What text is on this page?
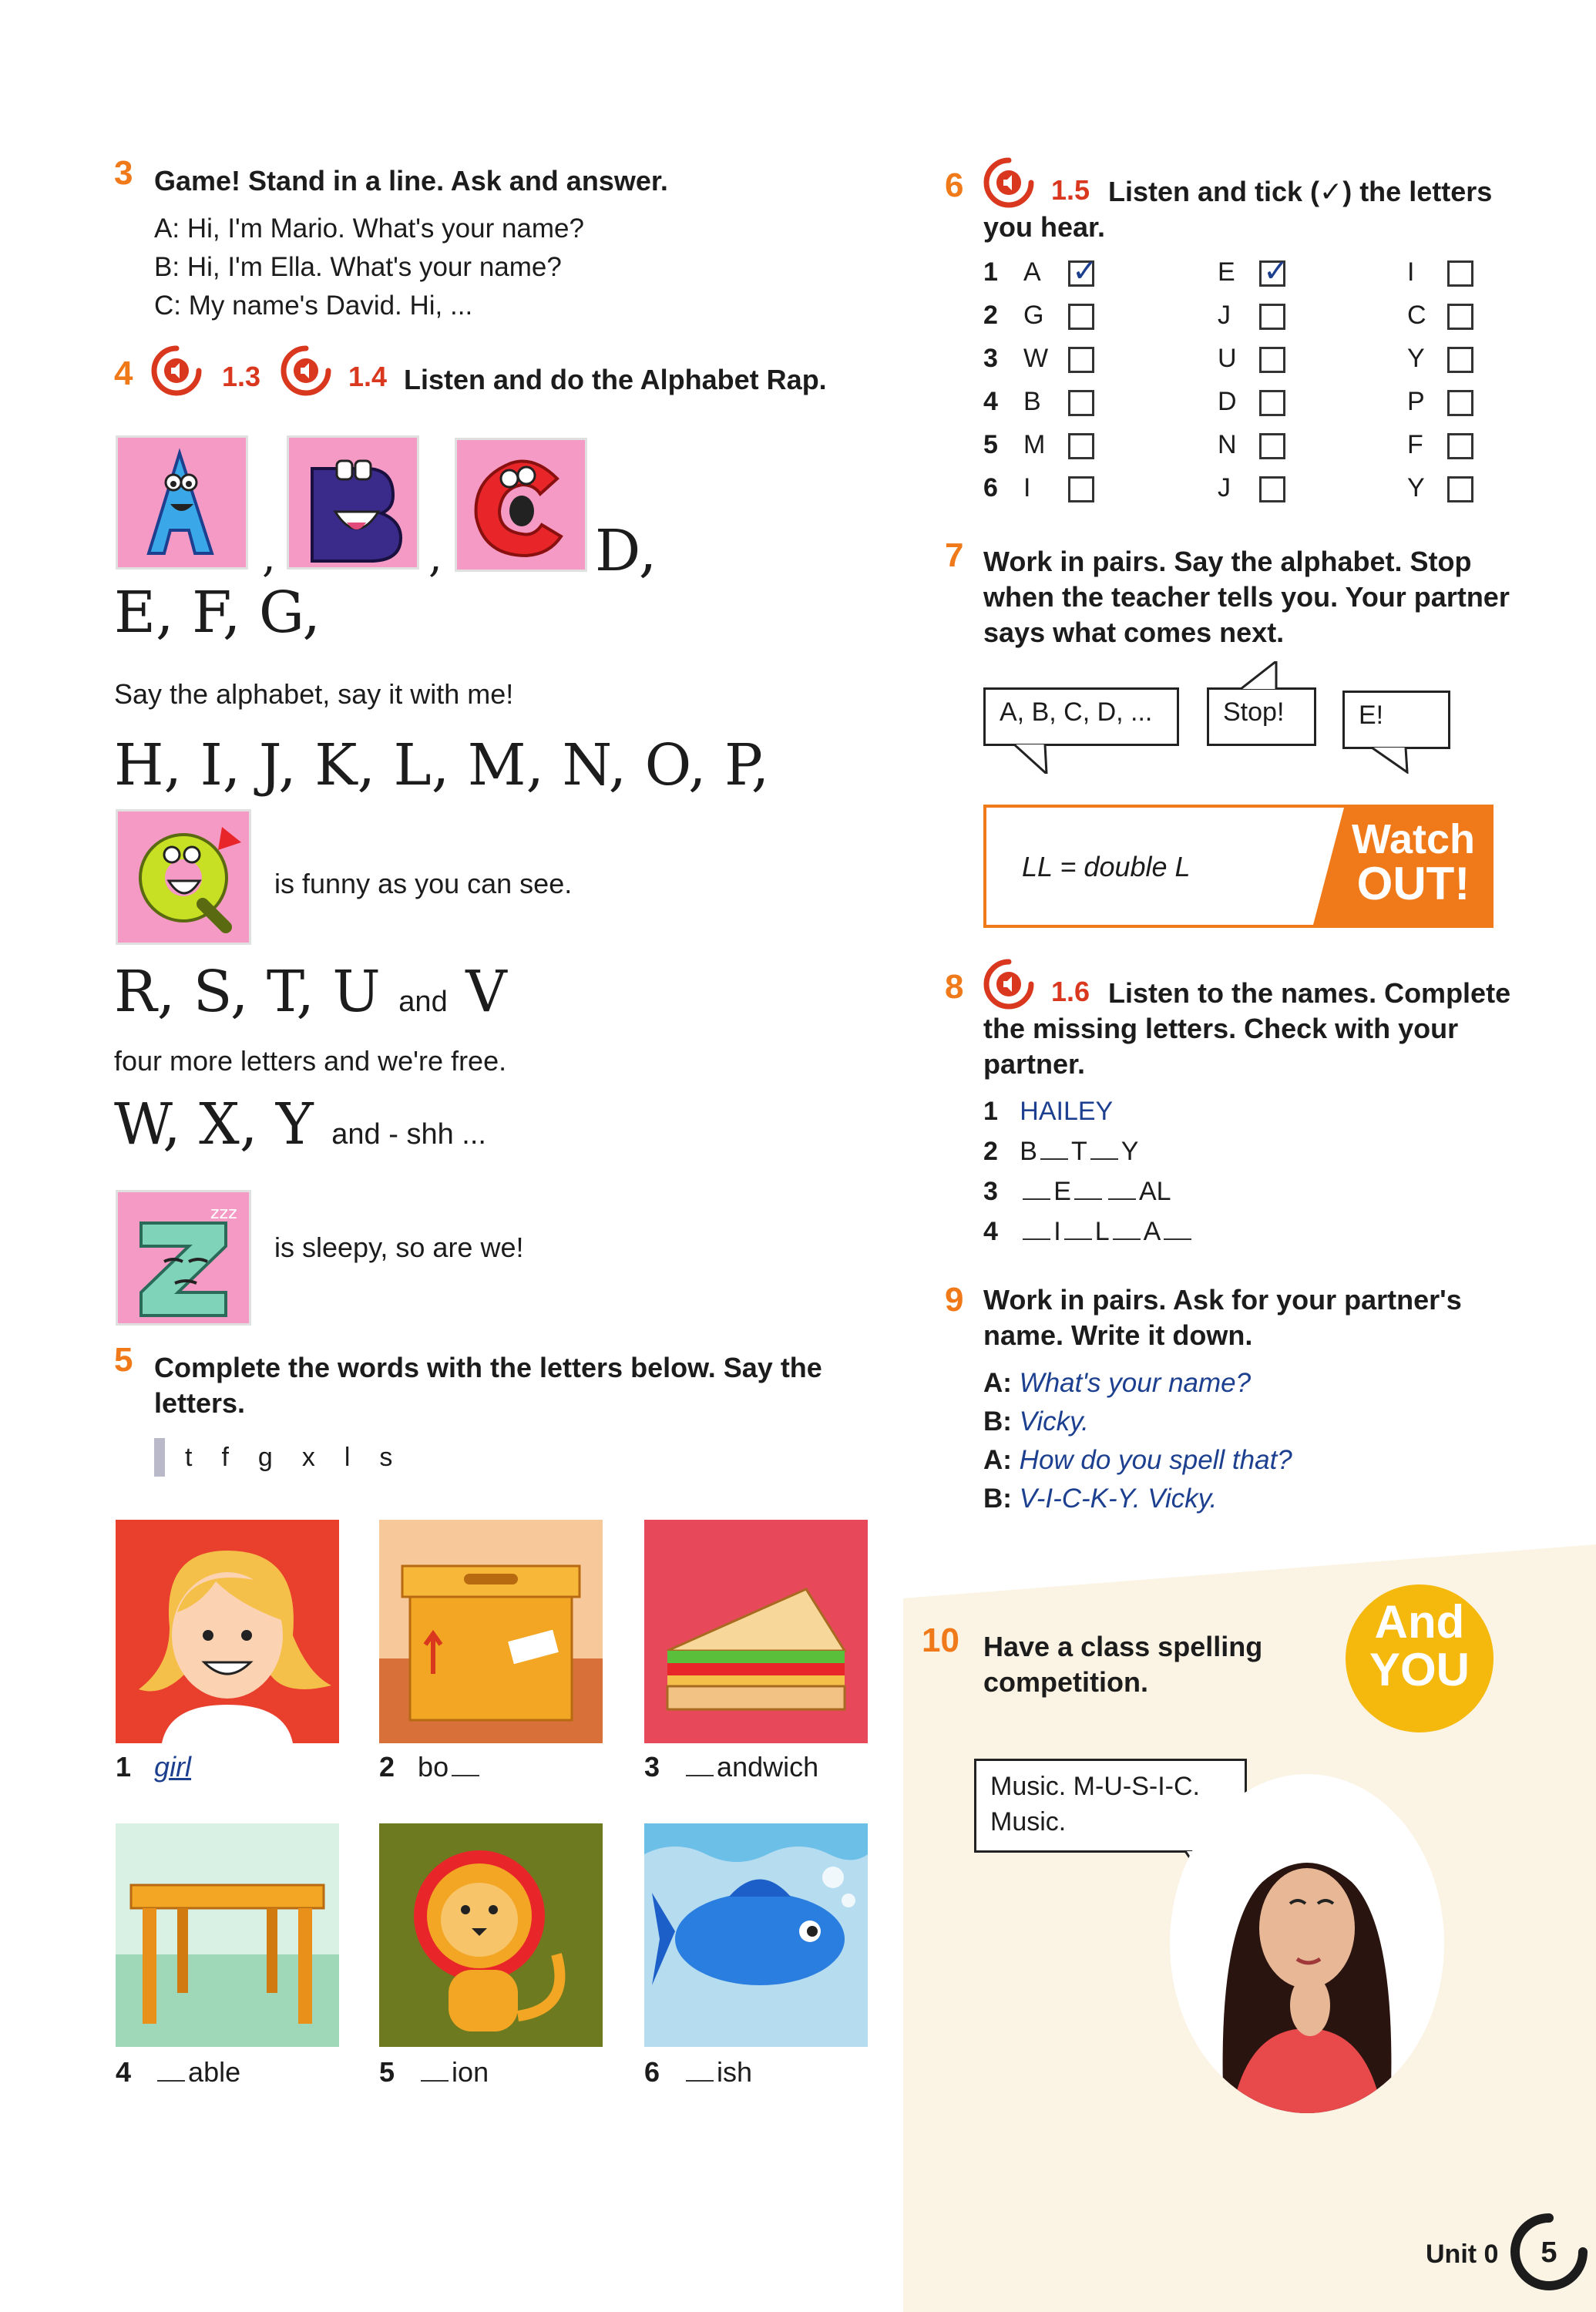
3 Game! Stand in a line. Ask and answer.
A: Hi, I'm Mario. What's your name?
B: Hi, I'm Ella. What's your name?
C: My name's David. Hi, ...
4	1.3	1.4 Listen and do the Alphabet Rap.
,	,	D,
E, F, G,
Say the alphabet, say it with me!
H, I, J, K, L, M, N, O, P,
is funny as you can see.
R, S, T, U and V
four more letters and we're free.
W, X, Y and - shh ...
zzz
is sleepy, so are we!
5 Complete the words with the letters below. Say the letters.
t f g x l s
1 girl	2 bo	3 andwich
4 able	5 ion	6 ish
6	1.5 Listen and tick (✓) the letters you hear.
1 A ✓	E ✓	I
2 G	J	C
3 W	U	Y
4 B	D	P
5 M	N	F
6 I	J	Y
7 Work in pairs. Say the alphabet. Stop when the teacher tells you. Your partner says what comes next.
A, B, C, D, ...	Stop!	E!
LL = double L
Watch
OUT!
8	1.6 Listen to the names. Complete the missing letters. Check with your partner.
1 HAILEY
2 B T Y
3 E	AL
4 I L A
9 Work in pairs. Ask for your partner's name. Write it down.
A: What's your name?
B: Vicky.
A: How do you spell that?
B: V-I-C-K-Y. Vicky.
10 Have a class spelling competition.
And
YOU
Music. M-U-S-I-C.
Music.
Unit 0	5
